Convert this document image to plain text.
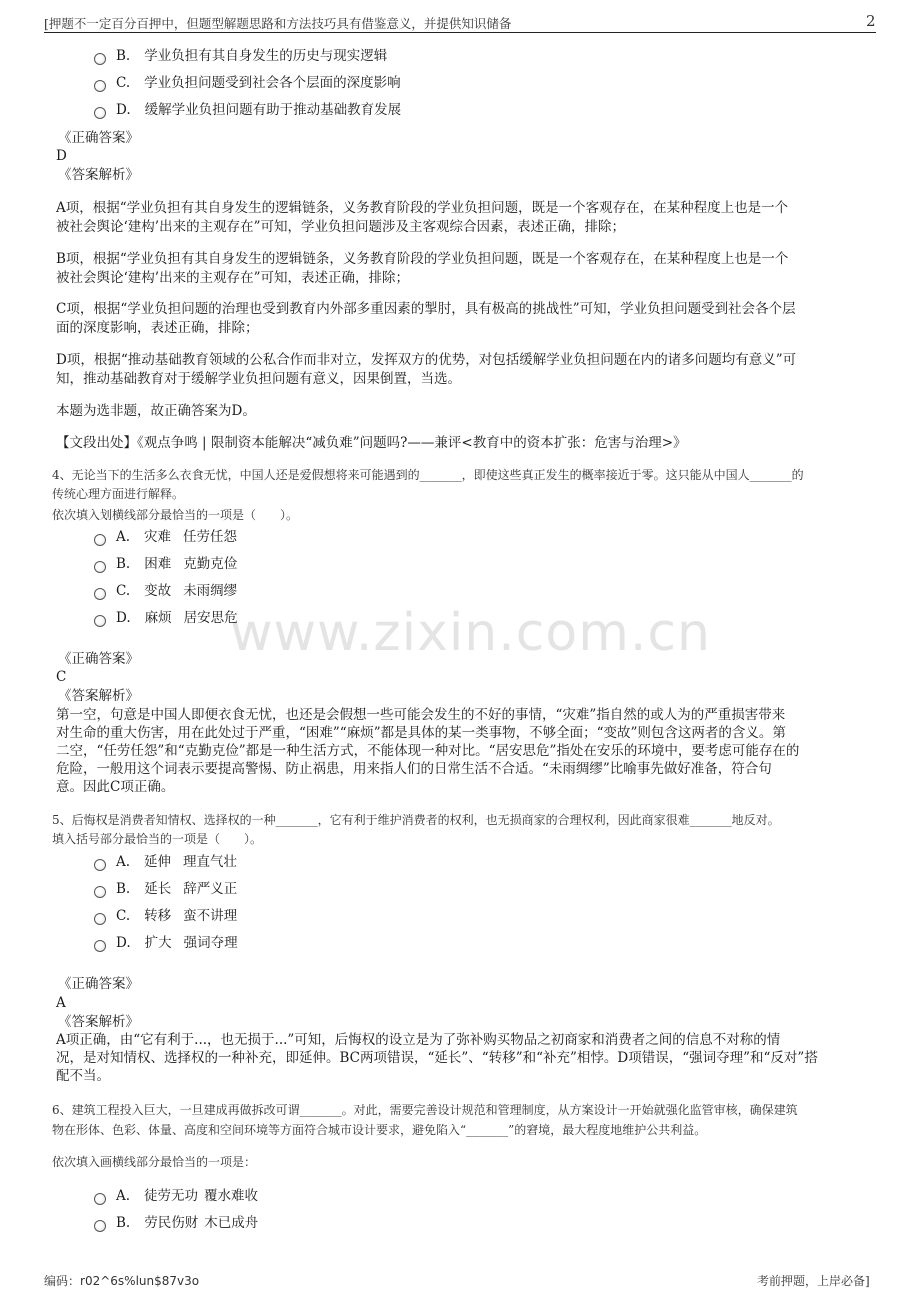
[押题不一定百分百押中，但题型解题思路和方法技巧具有借鉴意义，并提供知识储备	2
www.zixin.com.cn
B. 学业负担有其自身发生的历史与现实逻辑
C. 学业负担问题受到社会各个层面的深度影响
D. 缓解学业负担问题有助于推动基础教育发展
《正确答案》
D
《答案解析》
A项，根据“学业负担有其自身发生的逻辑链条，义务教育阶段的学业负担问题，既是一个客观存在，在某种程度上也是一个
被社会舆论‘建构’出来的主观存在”可知，学业负担问题涉及主客观综合因素，表述正确，排除；
B项，根据“学业负担有其自身发生的逻辑链条，义务教育阶段的学业负担问题，既是一个客观存在，在某种程度上也是一个
被社会舆论‘建构’出来的主观存在”可知，表述正确，排除；
C项，根据“学业负担问题的治理也受到教育内外部多重因素的掣肘，具有极高的挑战性”可知，学业负担问题受到社会各个层
面的深度影响，表述正确，排除；
D项，根据“推动基础教育领域的公私合作而非对立，发挥双方的优势，对包括缓解学业负担问题在内的诸多问题均有意义”可
知，推动基础教育对于缓解学业负担问题有意义，因果倒置，当选。
本题为选非题，故正确答案为D。
【文段出处】《观点争鸣 | 限制资本能解决“减负难”问题吗?——兼评<教育中的资本扩张：危害与治理>》
4、无论当下的生活多么衣食无忧，中国人还是爱假想将来可能遇到的_______，即使这些真正发生的概率接近于零。这只能从中国人_______的
传统心理方面进行解释。
依次填入划横线部分最恰当的一项是（　　）。
A. 灾难 任劳任怨
B. 困难 克勤克俭
C. 变故 未雨绸缪
D. 麻烦 居安思危
《正确答案》
C
《答案解析》
第一空，句意是中国人即便衣食无忧，也还是会假想一些可能会发生的不好的事情，“灾难”指自然的或人为的严重损害带来
对生命的重大伤害，用在此处过于严重，“困难”“麻烦”都是具体的某一类事物，不够全面；“变故”则包含这两者的含义。第
二空，“任劳任怨”和“克勤克俭”都是一种生活方式，不能体现一种对比。“居安思危”指处在安乐的环境中，要考虑可能存在的
危险，一般用这个词表示要提高警惕、防止祸患，用来指人们的日常生活不合适。“未雨绸缪”比喻事先做好准备，符合句
意。因此C项正确。
5、后悔权是消费者知情权、选择权的一种_______，它有利于维护消费者的权利，也无损商家的合理权利，因此商家很难_______地反对。
填入括号部分最恰当的一项是（　　）。
A. 延伸 理直气壮
B. 延长 辞严义正
C. 转移 蛮不讲理
D. 扩大 强词夺理
《正确答案》
A
《答案解析》
A项正确，由“它有利于...，也无损于...”可知，后悔权的设立是为了弥补购买物品之初商家和消费者之间的信息不对称的情
况，是对知情权、选择权的一种补充，即延伸。BC两项错误，“延长”、“转移”和“补充”相悖。D项错误，“强词夺理”和“反对”搭
配不当。
6、建筑工程投入巨大，一旦建成再做拆改可谓_______。对此，需要完善设计规范和管理制度，从方案设计一开始就强化监管审核，确保建筑
物在形体、色彩、体量、高度和空间环境等方面符合城市设计要求，避免陷入“_______”的窘境，最大程度地维护公共利益。
依次填入画横线部分最恰当的一项是：
A. 徒劳无功 覆水难收
B. 劳民伤财 木已成舟
编码：r02^6s%lun$87v3o	考前押题，上岸必备]
